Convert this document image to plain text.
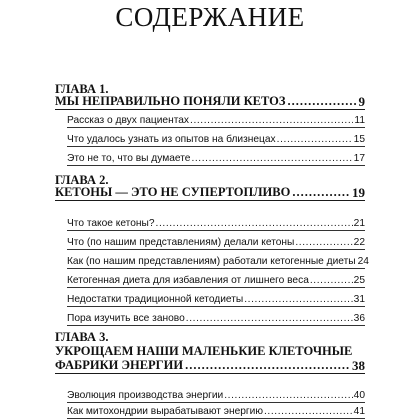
СОДЕРЖАНИЕ
ГЛАВА 1.
МЫ НЕПРАВИЛЬНО ПОНЯЛИ КЕТОЗ .....	9
Рассказ о двух пациентах .....	11
Что удалось узнать из опытов на близнецах .....	15
Это не то, что вы думаете .....	17
ГЛАВА 2.
КЕТОНЫ — ЭТО НЕ СУПЕРТОПЛИВО .....	19
Что такое кетоны? .....	21
Что (по нашим представлениям) делали кетоны .....	22
Как (по нашим представлениям) работали кетогенные диеты 24
Кетогенная диета для избавления от лишнего веса .....	25
Недостатки традиционной кетодиеты .....	31
Пора изучить все заново .....	36
ГЛАВА 3.
УКРОЩАЕМ НАШИ МАЛЕНЬКИЕ КЛЕТОЧНЫЕ
ФАБРИКИ ЭНЕРГИИ .....	38
Эволюция производства энергии .....	40
Как митохондрии вырабатывают энергию .....	41
